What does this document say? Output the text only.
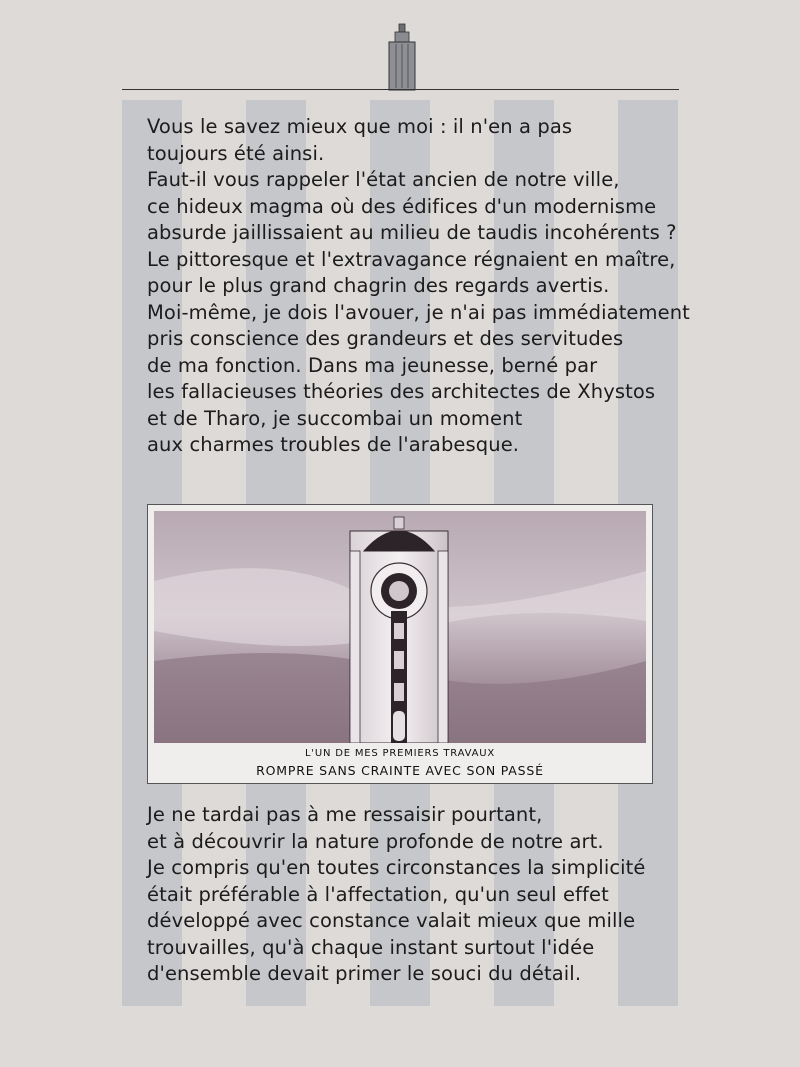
Vous le savez mieux que moi : il n'en a pas
toujours été ainsi.
Faut-il vous rappeler l'état ancien de notre ville,
ce hideux magma où des édifices d'un modernisme
absurde jaillissaient au milieu de taudis incohérents ?
Le pittoresque et l'extravagance régnaient en maître,
pour le plus grand chagrin des regards avertis.
Moi-même, je dois l'avouer, je n'ai pas immédiatement
pris conscience des grandeurs et des servitudes
de ma fonction. Dans ma jeunesse, berné par
les fallacieuses théories des architectes de Xhystos
et de Tharo, je succombai un moment
aux charmes troubles de l'arabesque.
L'UN DE MES PREMIERS TRAVAUX
ROMPRE SANS CRAINTE AVEC SON PASSÉ
Je ne tardai pas à me ressaisir pourtant,
et à découvrir la nature profonde de notre art.
Je compris qu'en toutes circonstances la simplicité
était préférable à l'affectation, qu'un seul effet
développé avec constance valait mieux que mille
trouvailles, qu'à chaque instant surtout l'idée
d'ensemble devait primer le souci du détail.
